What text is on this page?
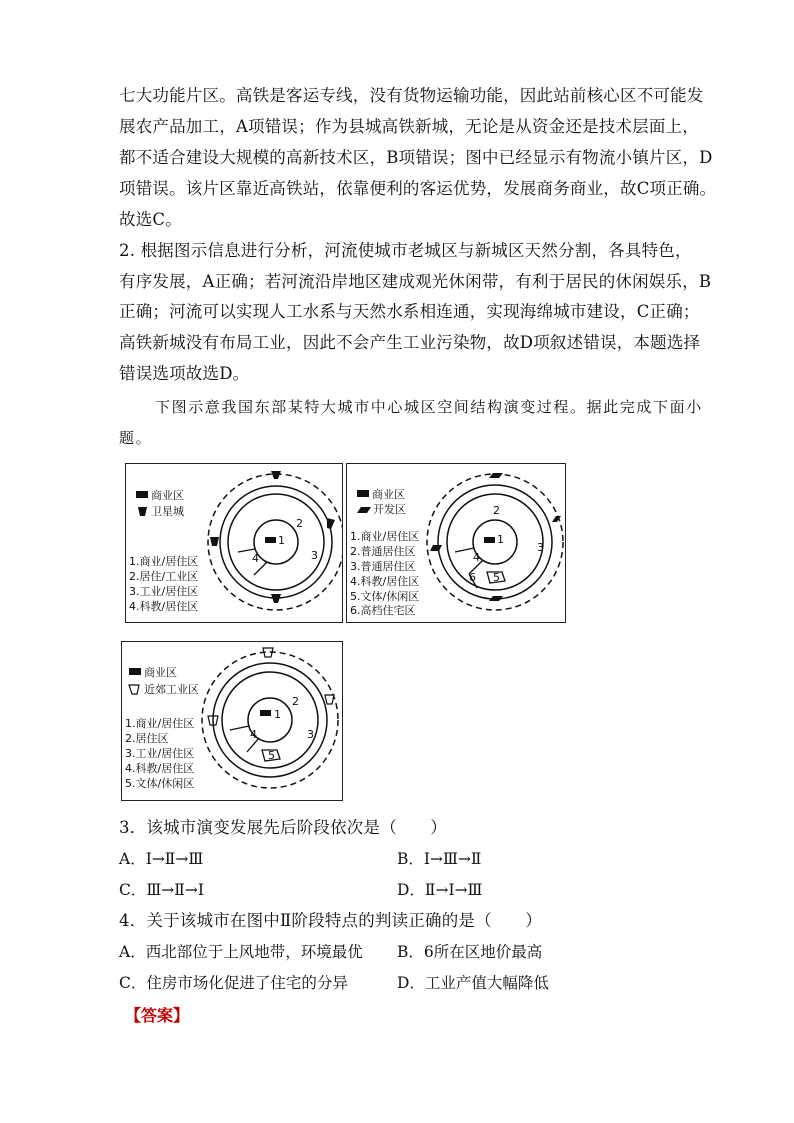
七大功能片区。高铁是客运专线，没有货物运输功能，因此站前核心区不可能发
展农产品加工，A项错误；作为县城高铁新城，无论是从资金还是技术层面上，
都不适合建设大规模的高新技术区，B项错误；图中已经显示有物流小镇片区，D
项错误。该片区靠近高铁站，依靠便利的客运优势，发展商务商业，故C项正确。
故选C。
2. 根据图示信息进行分析，河流使城市老城区与新城区天然分割，各具特色，
有序发展，A正确；若河流沿岸地区建成观光休闲带，有利于居民的休闲娱乐，B
正确；河流可以实现人工水系与天然水系相连通，实现海绵城市建设，C正确；
高铁新城没有布局工业，因此不会产生工业污染物，故D项叙述错误，本题选择
错误选项故选D。
下图示意我国东部某特大城市中心城区空间结构演变过程。据此完成下面小
题。
商业区
卫星城
1
2
3
4
1.商业/居住区
2.居住/工业区
3.工业/居住区
4.科教/居住区
商业区
开发区
1
2
3
4
5
6
1.商业/居住区
2.普通居住区
3.普通居住区
4.科教/居住区
5.文体/休闲区
6.高档住宅区
商业区
近郊工业区
1
2
3
4
5
1.商业/居住区
2.居住区
3.工业/居住区
4.科教/居住区
5.文体/休闲区
3．该城市演变发展先后阶段依次是（　　）
A．Ⅰ→Ⅱ→Ⅲ	B．Ⅰ→Ⅲ→Ⅱ
C．Ⅲ→Ⅱ→Ⅰ	D．Ⅱ→Ⅰ→Ⅲ
4．关于该城市在图中Ⅱ阶段特点的判读正确的是（　　）
A．西北部位于上风地带，环境最优 B．6所在区地价最高
C．住房市场化促进了住宅的分异	D．工业产值大幅降低
【答案】
